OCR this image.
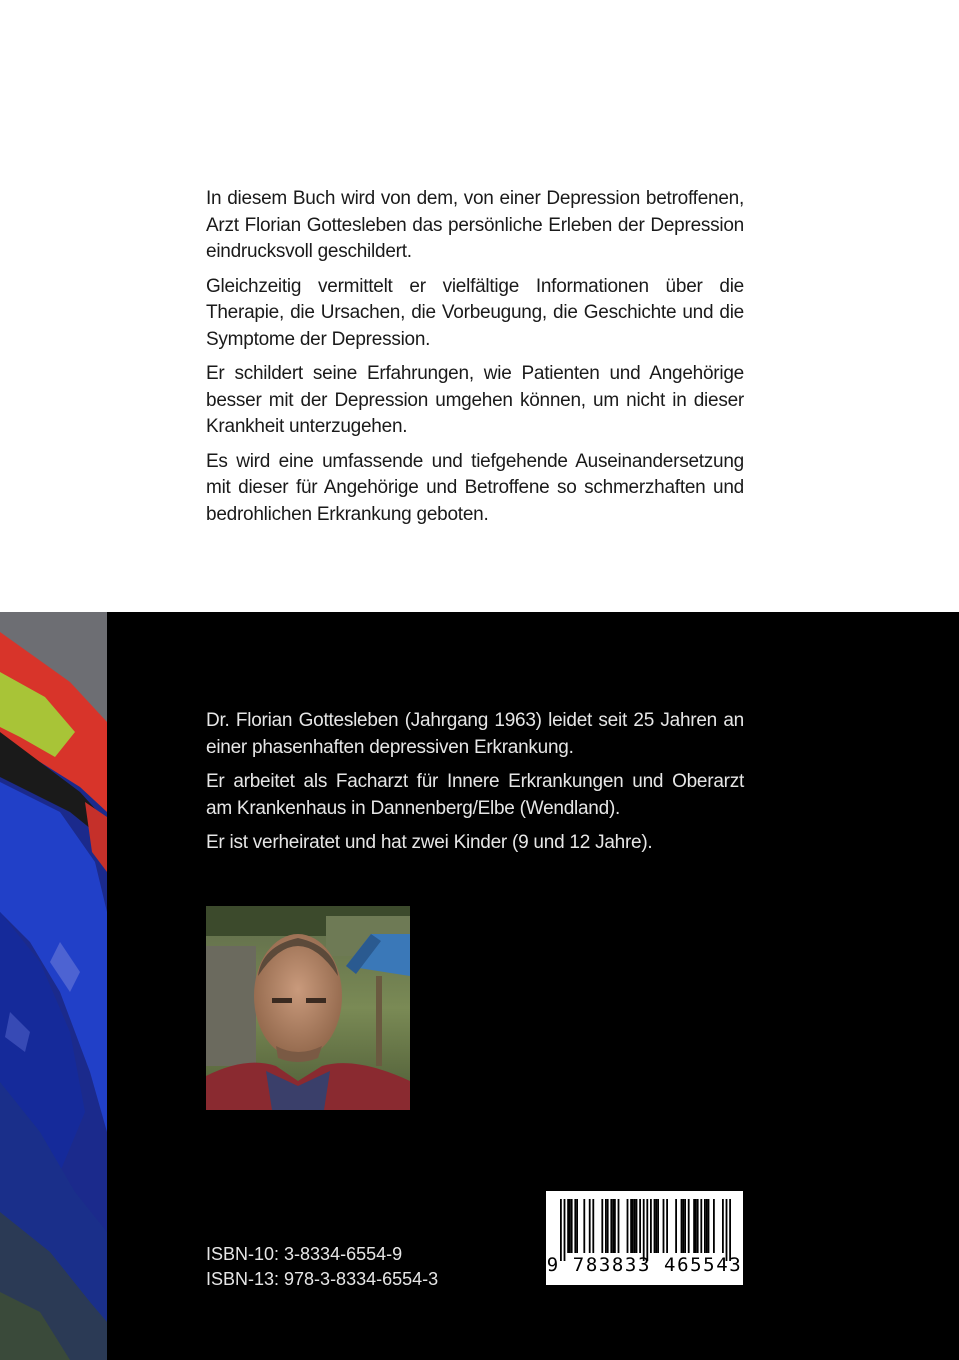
In diesem Buch wird von dem, von einer Depression betroffenen, Arzt Florian Gottesleben das persönliche Erleben der Depression eindrucksvoll geschildert.

Gleichzeitig vermittelt er vielfältige Informationen über die Therapie, die Ursachen, die Vorbeugung, die Geschichte und die Symptome der Depression.

Er schildert seine Erfahrungen, wie Patienten und Angehörige besser mit der Depression umgehen können, um nicht in dieser Krankheit unterzugehen.

Es wird eine umfassende und tiefgehende Auseinandersetzung mit dieser für Angehörige und Betroffene so schmerzhaften und bedrohlichen Erkrankung geboten.

Dr. Florian Gottesleben (Jahrgang 1963) leidet seit 25 Jahren an einer phasenhaften depressiven Erkrankung.

Er arbeitet als Facharzt für Innere Erkrankungen und Oberarzt am Krankenhaus in Dannenberg/Elbe (Wendland).

Er ist verheiratet und hat zwei Kinder (9 und 12 Jahre).

ISBN-10: 3-8334-6554-9
ISBN-13: 978-3-8334-6554-3
9 783833 465543
